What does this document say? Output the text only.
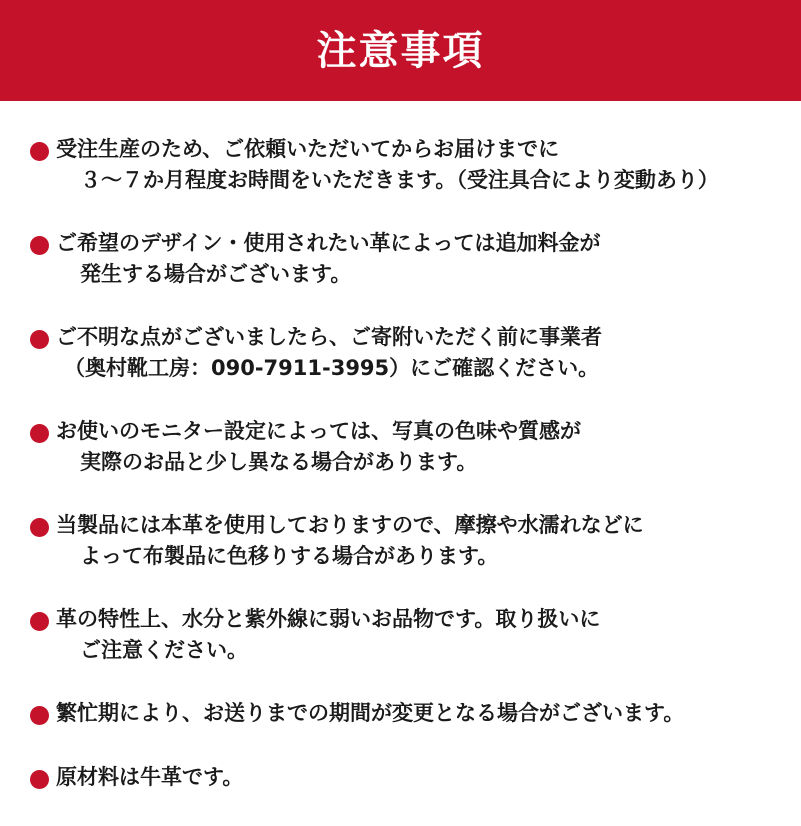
注意事項
受注生産のため、ご依頼いただいてからお届けまでに
３～７か月程度お時間をいただきます。（受注具合により変動あり）
ご希望のデザイン・使用されたい革によっては追加料金が
発生する場合がございます。
ご不明な点がございましたら、ご寄附いただく前に事業者
（奥村靴工房：090-7911-3995）にご確認ください。
お使いのモニター設定によっては、写真の色味や質感が
実際のお品と少し異なる場合があります。
当製品には本革を使用しておりますので、摩擦や水濡れなどに
よって布製品に色移りする場合があります。
革の特性上、水分と紫外線に弱いお品物です。取り扱いに
ご注意ください。
繁忙期により、お送りまでの期間が変更となる場合がございます。
原材料は牛革です。
